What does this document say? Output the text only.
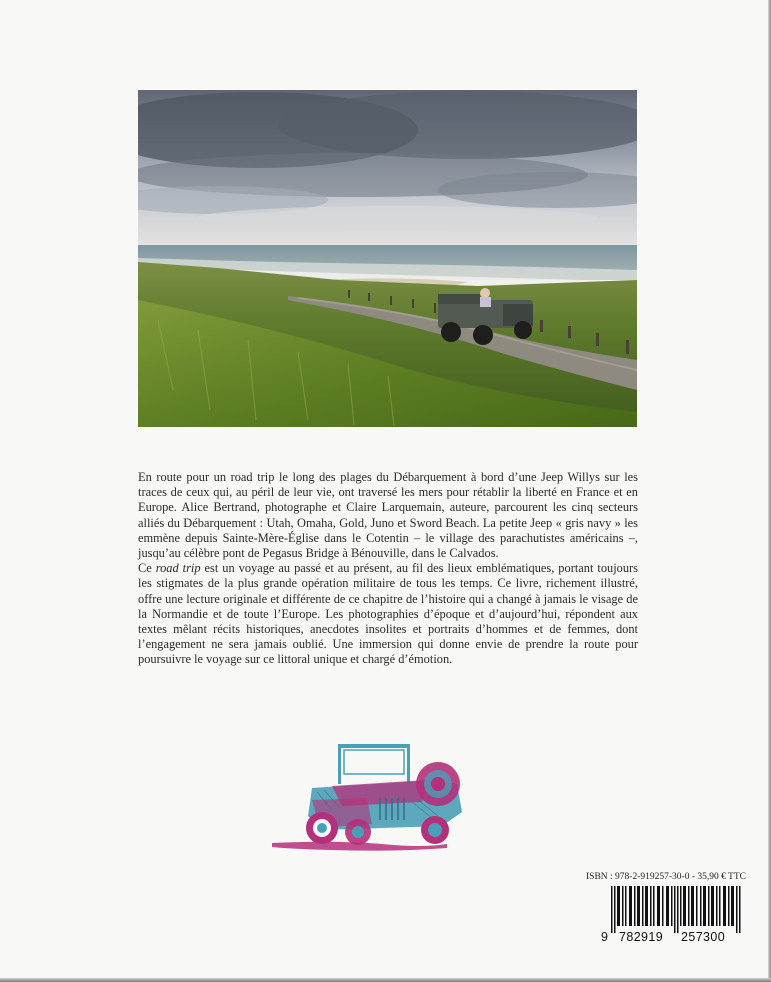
En route pour un road trip le long des plages du Débarquement à bord d’une Jeep Willys sur les traces de ceux qui, au péril de leur vie, ont traversé les mers pour rétablir la liberté en France et en Europe. Alice Bertrand, photographe et Claire Larquemain, auteure, parcourent les cinq secteurs alliés du Débarquement : Utah, Omaha, Gold, Juno et Sword Beach. La petite Jeep « gris navy » les emmène depuis Sainte-Mère-Église dans le Cotentin – le village des parachutistes américains –, jusqu’au célèbre pont de Pegasus Bridge à Bénouville, dans le Calvados.

Ce road trip est un voyage au passé et au présent, au fil des lieux emblématiques, portant toujours les stigmates de la plus grande opération militaire de tous les temps. Ce livre, richement illustré, offre une lecture originale et différente de ce chapitre de l’histoire qui a changé à jamais le visage de la Normandie et de toute l’Europe. Les photographies d’époque et d’aujourd’hui, répondent aux textes mêlant récits historiques, anecdotes insolites et portraits d’hommes et de femmes, dont l’engagement ne sera jamais oublié. Une immersion qui donne envie de prendre la route pour poursuivre le voyage sur ce littoral unique et chargé d’émotion.

ISBN : 978-2-919257-30-0 - 35,90 € TTC
9 782919 257300
